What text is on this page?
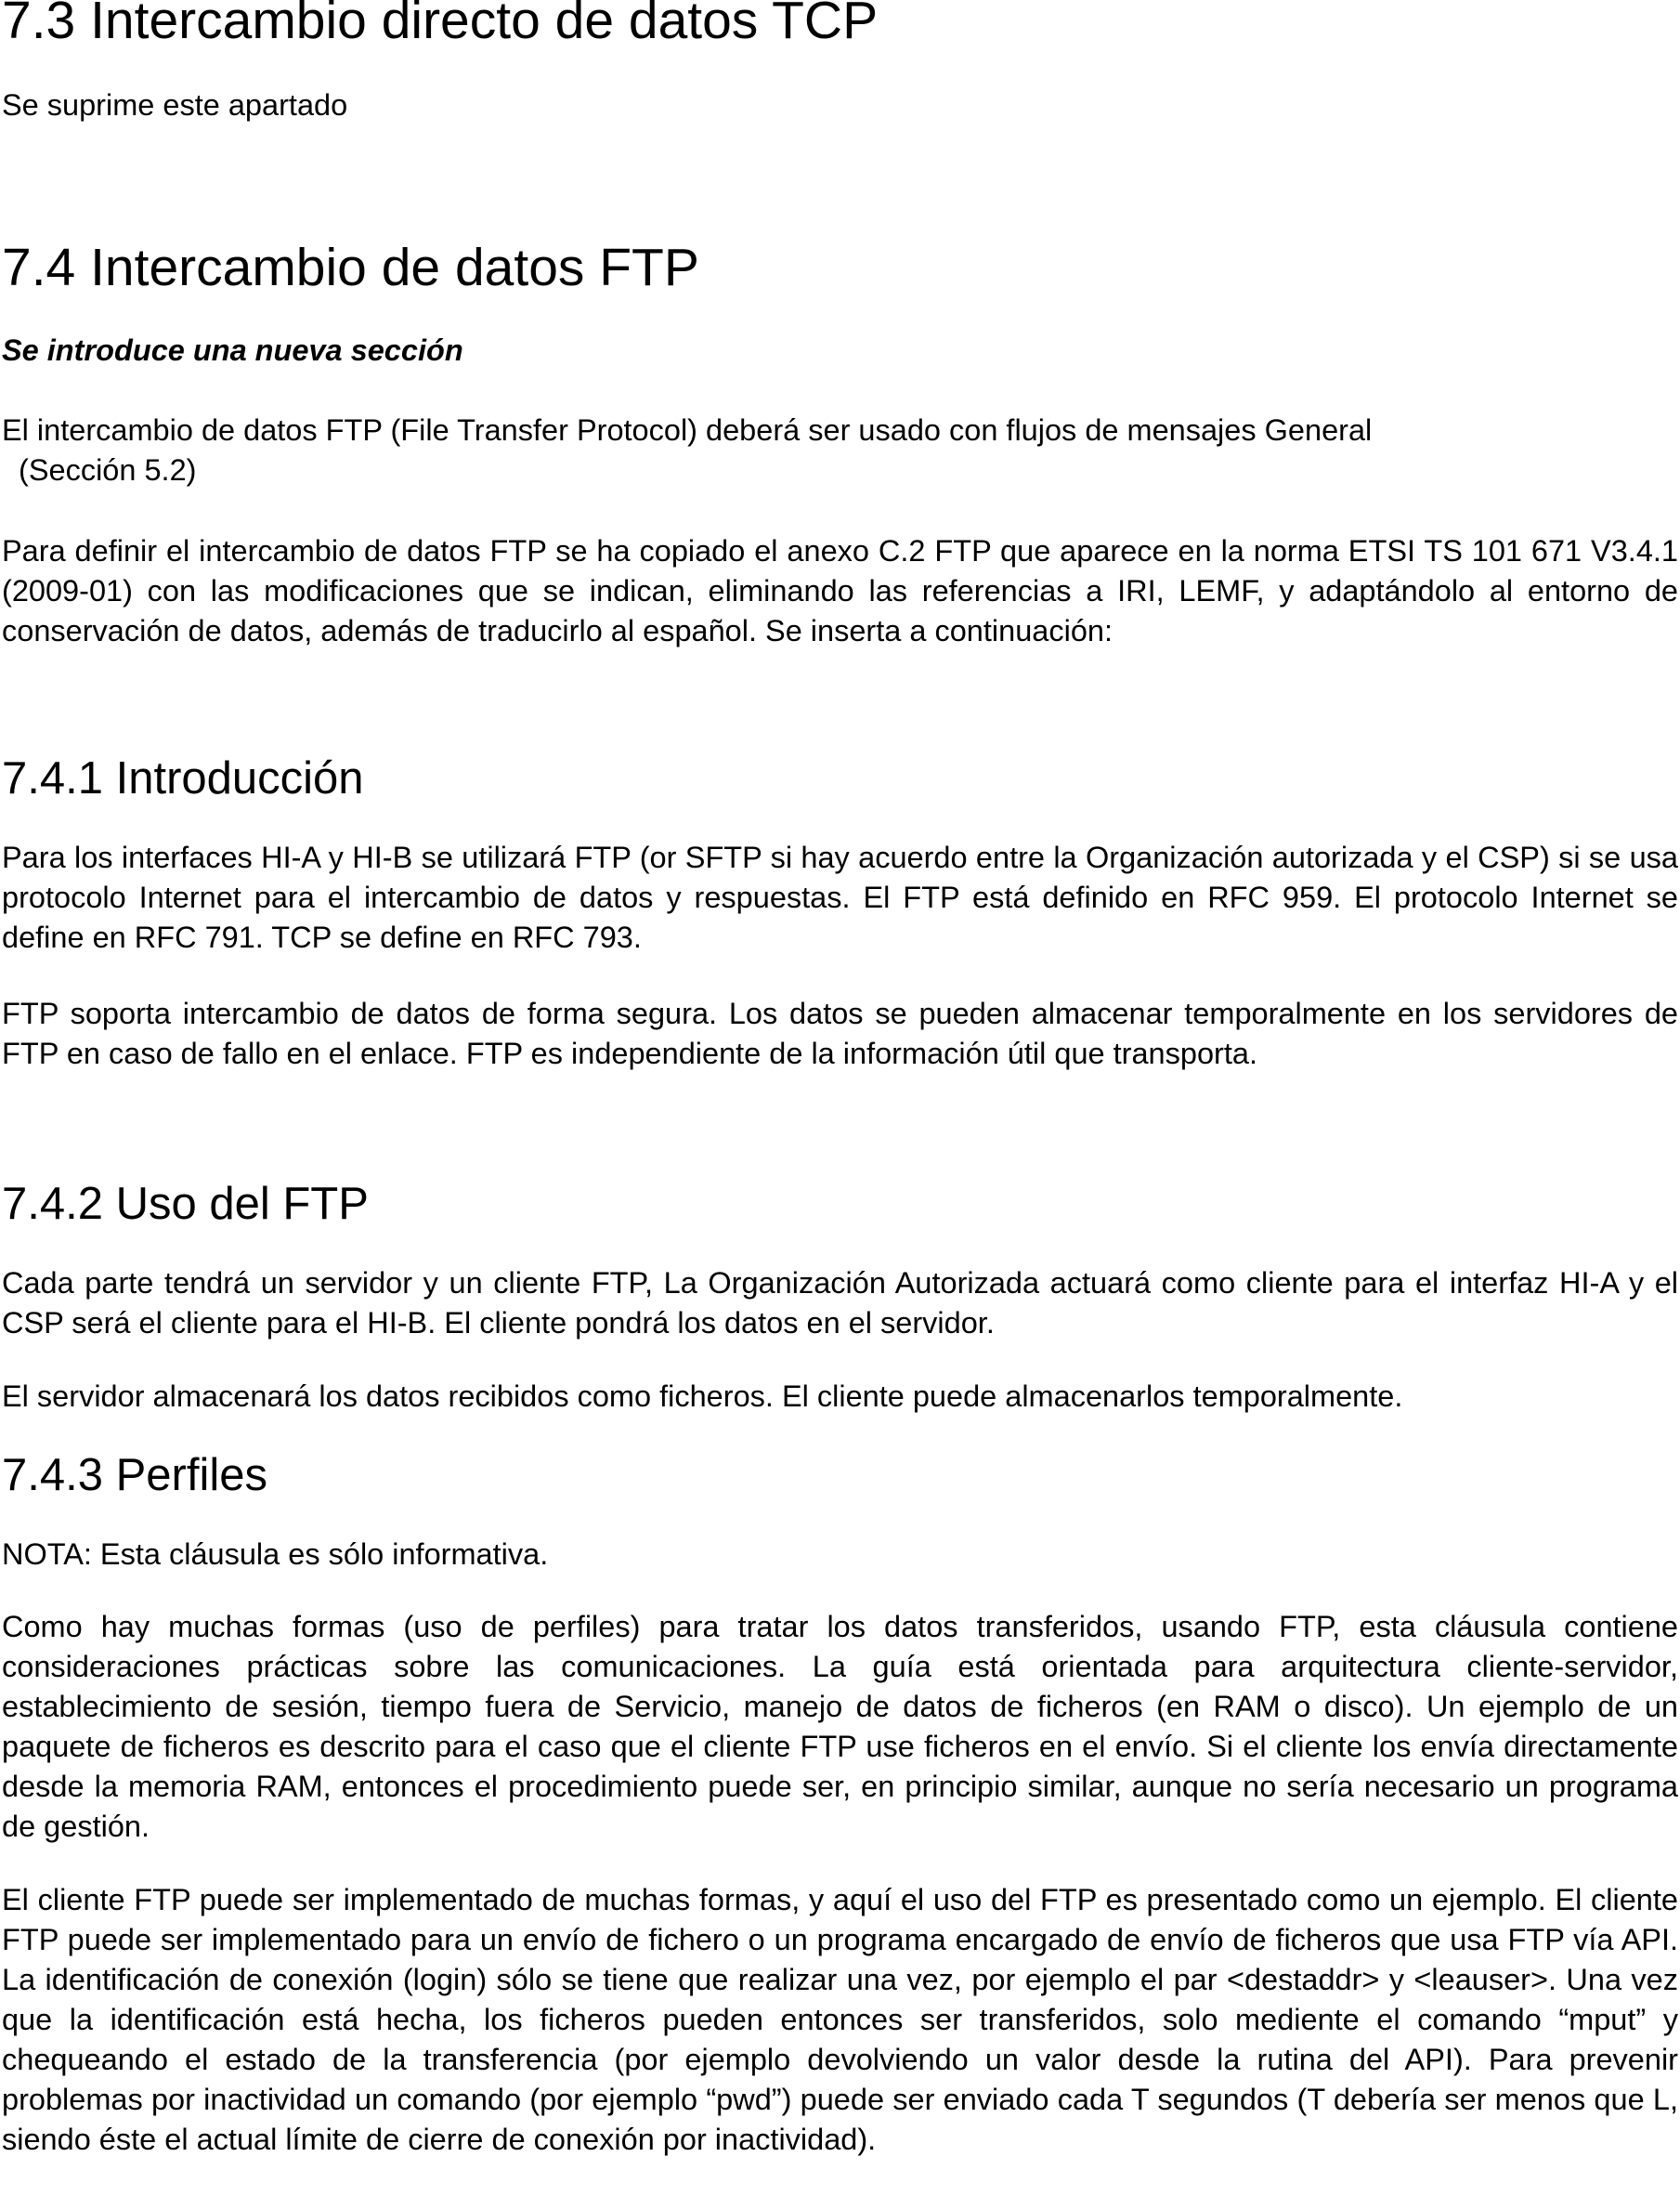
7.3 Intercambio directo de datos TCP

Se suprime este apartado

7.4 Intercambio de datos FTP

Se introduce una nueva sección

El intercambio de datos FTP (File Transfer Protocol) deberá ser usado con flujos de mensajes General

(Sección 5.2)

Para definir el intercambio de datos FTP se ha copiado el anexo C.2 FTP que aparece en la norma ETSI TS 101 671 V3.4.1 (2009-01) con las modificaciones que se indican, eliminando las referencias a IRI, LEMF, y adaptándolo al entorno de conservación de datos, además de traducirlo al español. Se inserta a continuación:

7.4.1 Introducción

Para los interfaces HI-A y HI-B se utilizará FTP (or SFTP si hay acuerdo entre la Organización autorizada y el CSP) si se usa protocolo Internet para el intercambio de datos y respuestas. El FTP está definido en RFC 959. El protocolo Internet se define en RFC 791. TCP se define en RFC 793.

FTP soporta intercambio de datos de forma segura. Los datos se pueden almacenar temporalmente en los servidores de FTP en caso de fallo en el enlace. FTP es independiente de la información útil que transporta.

7.4.2 Uso del FTP

Cada parte tendrá un servidor y un cliente FTP, La Organización Autorizada actuará como cliente para el interfaz HI-A y el CSP será el cliente para el HI-B. El cliente pondrá los datos en el servidor.

El servidor almacenará los datos recibidos como ficheros. El cliente puede almacenarlos temporalmente.

7.4.3 Perfiles

NOTA: Esta cláusula es sólo informativa.

Como hay muchas formas (uso de perfiles) para tratar los datos transferidos, usando FTP, esta cláusula contiene consideraciones prácticas sobre las comunicaciones. La guía está orientada para arquitectura cliente-servidor, establecimiento de sesión, tiempo fuera de Servicio, manejo de datos de ficheros (en RAM o disco). Un ejemplo de un paquete de ficheros es descrito para el caso que el cliente FTP use ficheros en el envío. Si el cliente los envía directamente desde la memoria RAM, entonces el procedimiento puede ser, en principio similar, aunque no sería necesario un programa de gestión.

El cliente FTP puede ser implementado de muchas formas, y aquí el uso del FTP es presentado como un ejemplo. El cliente FTP puede ser implementado para un envío de fichero o un programa encargado de envío de ficheros que usa FTP vía API. La identificación de conexión (login) sólo se tiene que realizar una vez, por ejemplo el par <destaddr> y <leauser>. Una vez que la identificación está hecha, los ficheros pueden entonces ser transferidos, solo mediente el comando “mput” y chequeando el estado de la transferencia (por ejemplo devolviendo un valor desde la rutina del API). Para prevenir problemas por inactividad un comando (por ejemplo “pwd”) puede ser enviado cada T segundos (T debería ser menos que L, siendo éste el actual límite de cierre de conexión por inactividad).
